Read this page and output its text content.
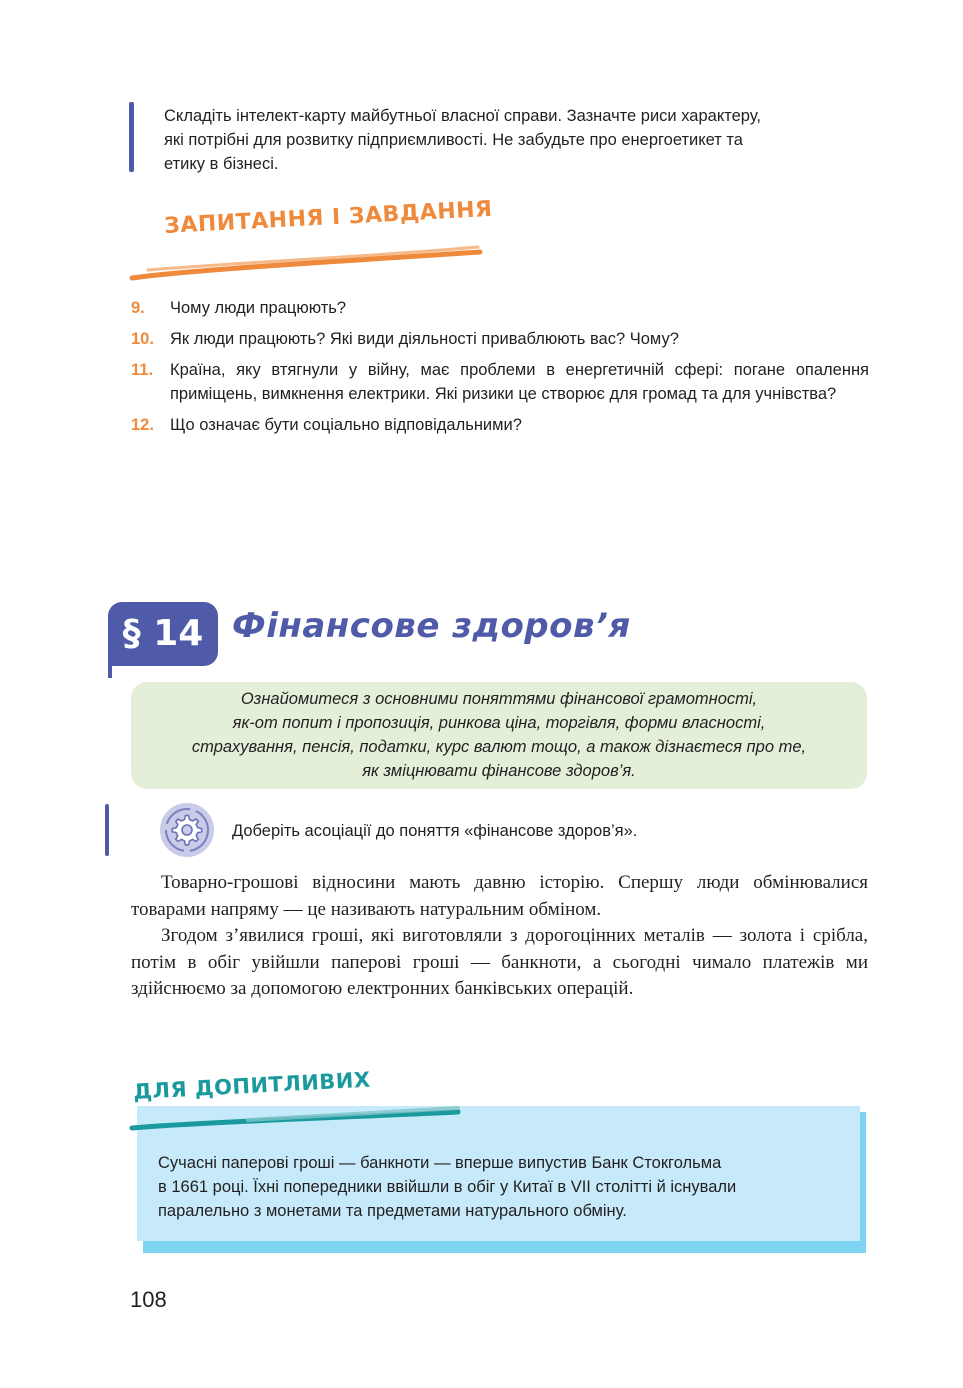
Складіть інтелект-карту майбутньої власної справи. Зазначте риси характеру,
які потрібні для розвитку підприємливості. Не забудьте про енергоетикет та
етику в бізнесі.
ЗАПИТАННЯ І ЗАВДАННЯ
9.	Чому люди працюють?
10. Як люди працюють? Які види діяльності приваблюють вас? Чому?
11.	Країна, яку втягнули у війну, має проблеми в енергетичній сфері: погане опалення приміщень, вимкнення електрики. Які ризики це створює для громад та для учнівства?
12. Що означає бути соціально відповідальними?
§ 14 Фінансове здоров’я
Ознайомитеся з основними поняттями фінансової грамотності,
як-от попит і пропозиція, ринкова ціна, торгівля, форми власності,
страхування, пенсія, податки, курс валют тощо, а також дізнаєтеся про те,
як зміцнювати фінансове здоров’я.
Доберіть асоціації до поняття «фінансове здоров’я».

Товарно-грошові відносини мають давню історію. Спершу люди обмінювалися товарами напряму — це називають натуральним обміном.

Згодом з’явилися гроші, які виготовляли з дорогоцінних металів — золота і срібла, потім в обіг увійшли паперові гроші — банкноти, а сьогодні чимало платежів ми здійснюємо за допомогою електронних банківських операцій.

ДЛЯ ДОПИТЛИВИХ
Сучасні паперові гроші — банкноти — вперше випустив Банк Стокгольма
в 1661 році. Їхні попередники ввійшли в обіг у Китаї в VII столітті й існували
паралельно з монетами та предметами натурального обміну.
108
